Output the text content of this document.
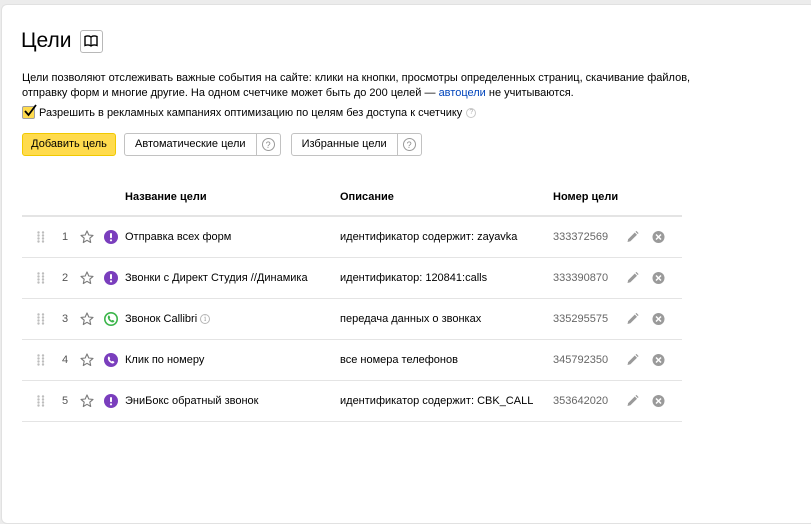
Цели
Цели позволяют отслеживать важные события на сайте: клики на кнопки, просмотры определенных страниц, скачивание файлов, отправку форм и многие другие. На одном счетчике может быть до 200 целей — автоцели не учитываются.
Разрешить в рекламных кампаниях оптимизацию по целям без доступа к счетчику	?
Добавить цель	Автоматические цели	?	Избранные цели	?
Название цели	Описание	Номер цели
1	Отправка всех форм	идентификатор содержит: zayavka	333372569
2	Звонки с Директ Студия //Динамика	идентификатор: 120841:calls	333390870
3	Звонок Callibri i	передача данных о звонках	335295575
4	Клик по номеру	все номера телефонов	345792350
5	ЭниБокс обратный звонок	идентификатор содержит: CBK_CALL 353642020
